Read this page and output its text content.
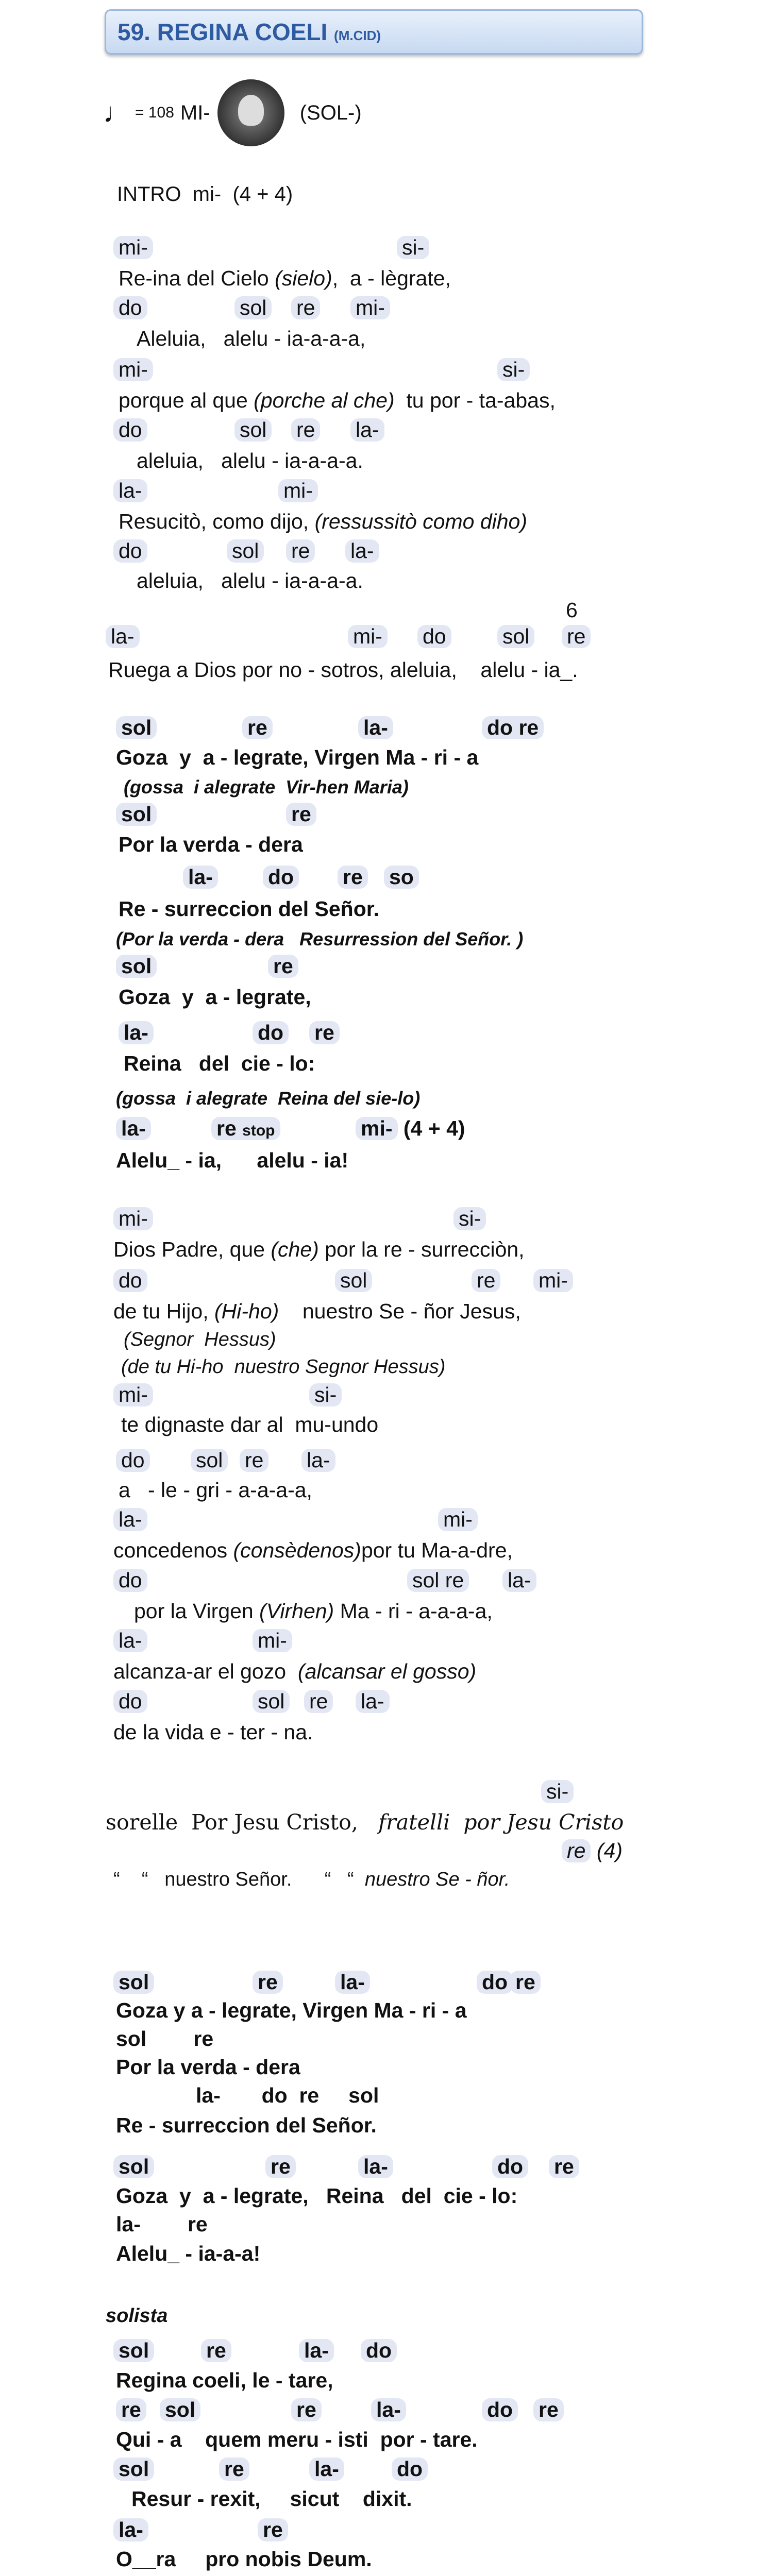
59. REGINA COELI (M.CID)
♩ = 108 MI-	(SOL-)
INTRO mi- (4 + 4)
mi-	si-
Re-ina del Cielo (sielo),  a - lègrate,
do	sol re mi-
Aleluia,   alelu - ia-a-a-a,
mi-	si-
porque al que (porche al che)  tu por - ta-abas,
do	sol re la-
aleluia,   alelu - ia-a-a-a.
la-	mi-
Resucitò, como dijo, (ressussitò como diho)
do	sol re la-
aleluia,   alelu - ia-a-a-a.
6
la-	mi- do	sol re
Ruega a Dios por no - sotros, aleluia,    alelu - ia_.
sol	re	la-	do re
Goza  y  a - legrate, Virgen Ma - ri - a
(gossa  i alegrate  Vir-hen Maria)
sol	re
Por la verda - dera
la-	do re so
Re - surreccion del Señor.
(Por la verda - dera   Resurression del Señor. )
sol	re
Goza  y  a - legrate,
la-	do re
Reina   del  cie - lo:
(gossa  i alegrate  Reina del sie-lo)
la-	re stop	mi- (4 + 4)
Alelu_ - ia,      alelu - ia!
mi-	si-
Dios Padre, que (che) por la re - surrecciòn,
do	sol	re mi-
de tu Hijo, (Hi-ho)    nuestro Se - ñor Jesus,
(Segnor  Hessus)
(de tu Hi-ho  nuestro Segnor Hessus)
mi-	si-
te dignaste dar al  mu-undo
do sol re la-
a   - le - gri - a-a-a-a,
la-	mi-
concedenos (consèdenos)por tu Ma-a-dre,
do	sol re la-
por la Virgen (Virhen) Ma - ri - a-a-a-a,
la-	mi-
alcanza-ar el gozo  (alcansar el gosso)
do	sol re la-
de la vida e - ter - na.
si-
sorelle  Por Jesu Cristo,   fratelli  por Jesu Cristo
re (4)
“    “   nuestro Señor.      “   “  nuestro Se - ñor.
sol	re	la-	do re
Goza y a - legrate, Virgen Ma - ri - a
sol        re
Por la verda - dera
la-       do  re     sol
Re - surreccion del Señor.
sol	re	la-	do re
Goza  y  a - legrate,   Reina   del  cie - lo:
la-        re
Alelu_ - ia-a-a!
solista
sol	re	la- do
Regina coeli, le - tare,
re sol	re	la-	do re
Qui - a    quem meru - isti  por - tare.
sol	re	la-	do
Resur - rexit,     sicut    dixit.
la-	re
O__ra     pro nobis Deum.
